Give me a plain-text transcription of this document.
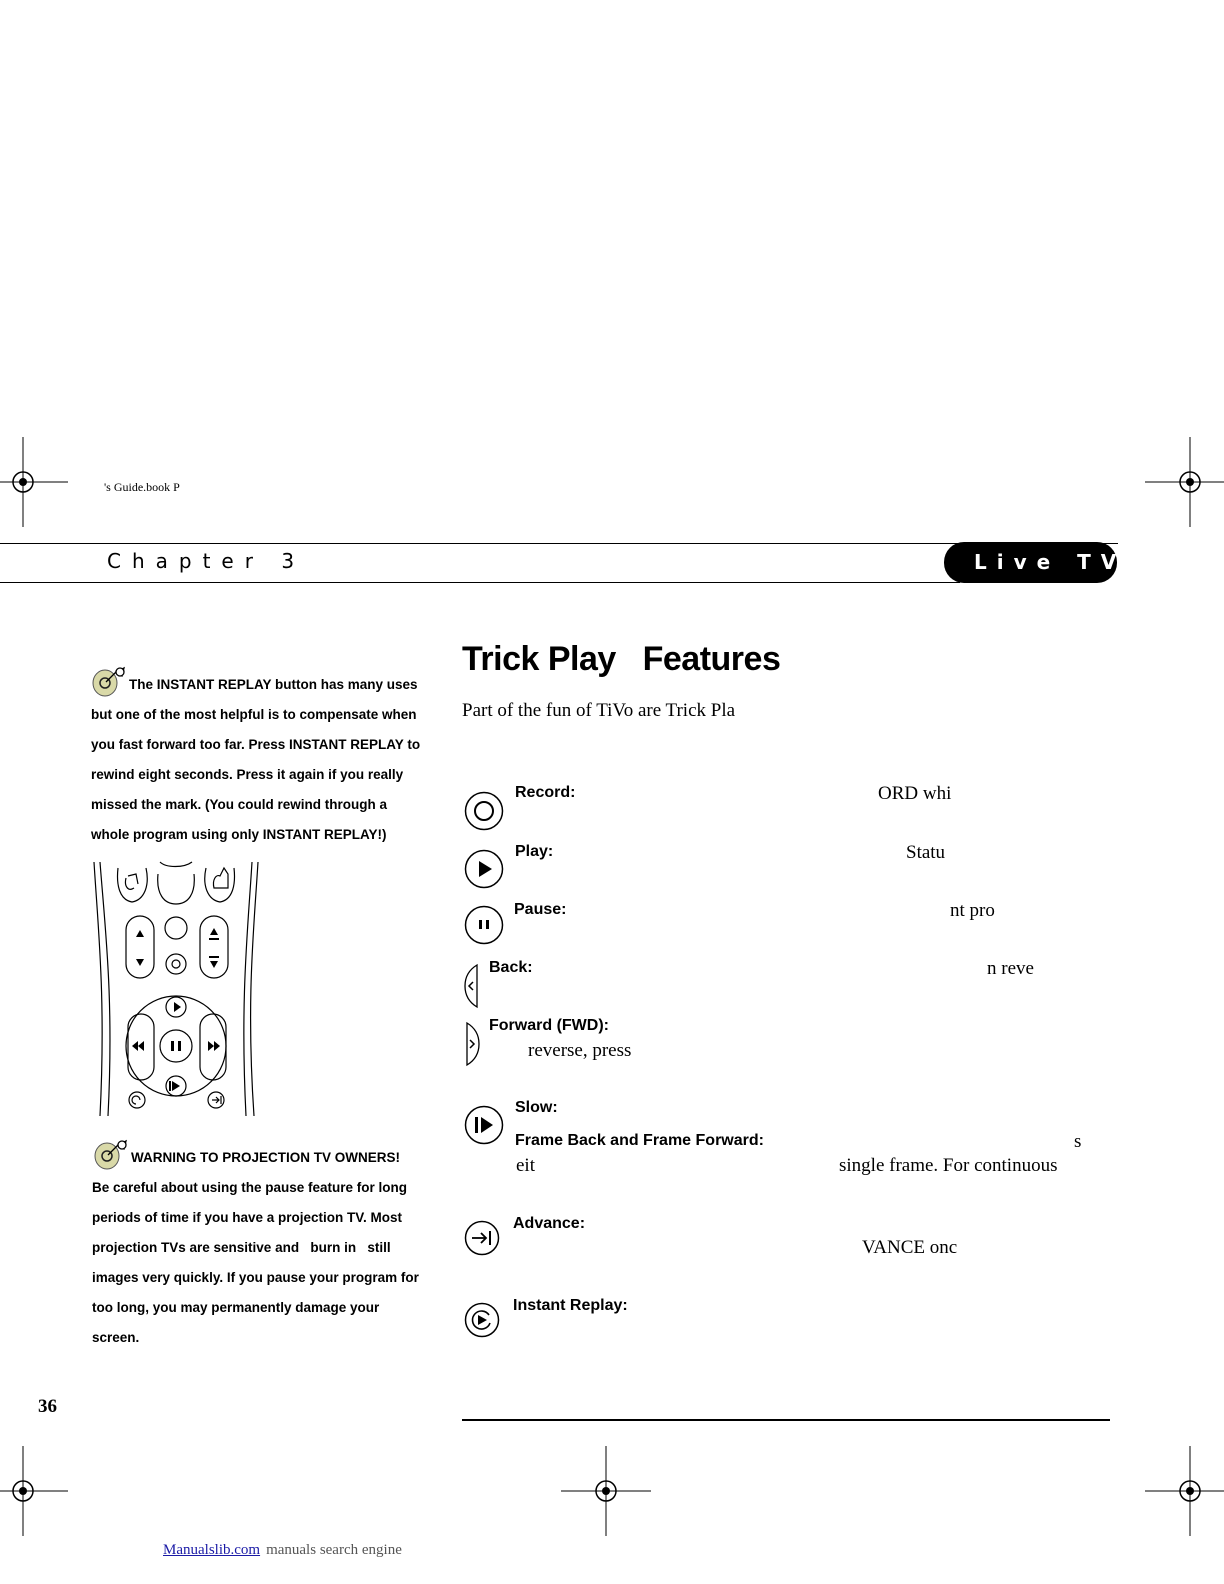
's Guide.book P
Chapter 3	Live TV
Trick Play Features
Part of the fun of TiVo are Trick Pla
Record:	ORD whi
Play:	Statu
Pause:	nt pro
Back:	n reve
Forward (FWD):
reverse, press
Slow:
Frame Back and Frame Forward:	s
eit	single frame. For continuous
Advance:
VANCE onc
Instant Replay:
The INSTANT REPLAY button has many uses
but one of the most helpful is to compensate when
you fast forward too far. Press INSTANT REPLAY to
rewind eight seconds. Press it again if you really
missed the mark. (You could rewind through a
whole program using only INSTANT REPLAY!)
WARNING TO PROJECTION TV OWNERS!
Be careful about using the pause feature for long
periods of time if you have a projection TV. Most
projection TVs are sensitive and   burn in   still
images very quickly. If you pause your program for
too long, you may permanently damage your
screen.
36
Manualslib.com manuals search engine
